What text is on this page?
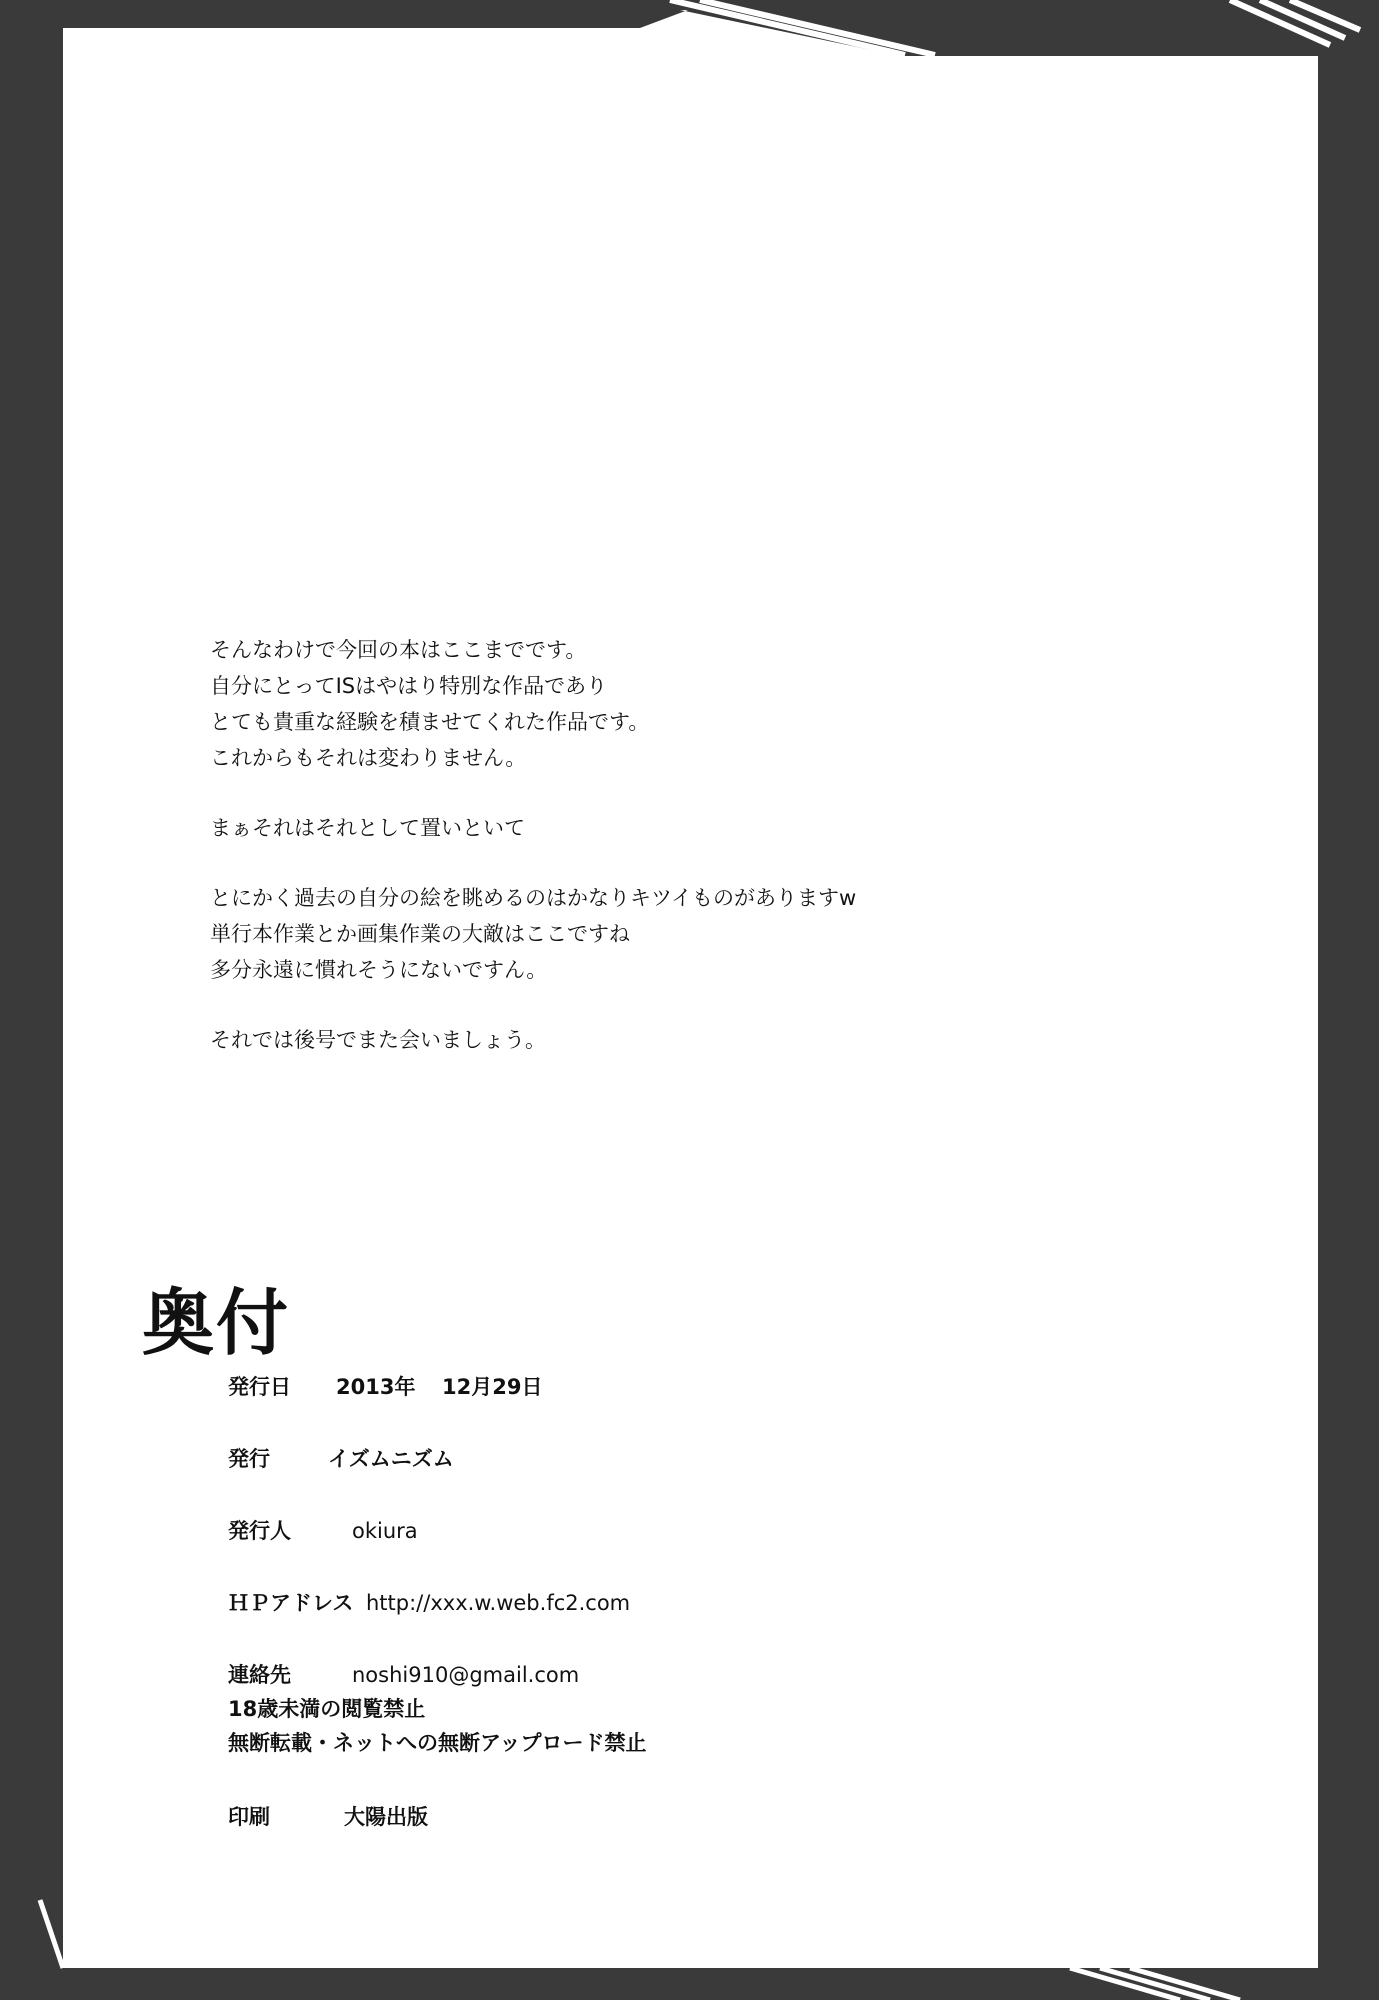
そんなわけで今回の本はここまでです。
自分にとってISはやはり特別な作品であり
とても貴重な経験を積ませてくれた作品です。
これからもそれは変わりません。

まぁそれはそれとして置いといて

とにかく過去の自分の絵を眺めるのはかなりキツイものがありますw
単行本作業とか画集作業の大敵はここですね
多分永遠に慣れそうにないですん。

それでは後号でまた会いましょう。

奥付
発行日 2013年 12月29日
発行	イズムニズム
発行人	okiura
ＨＰアドレス http://xxx.w.web.fc2.com
連絡先	noshi910@gmail.com
18歳未満の閲覧禁止
無断転載・ネットへの無断アップロード禁止
印刷	大陽出版
